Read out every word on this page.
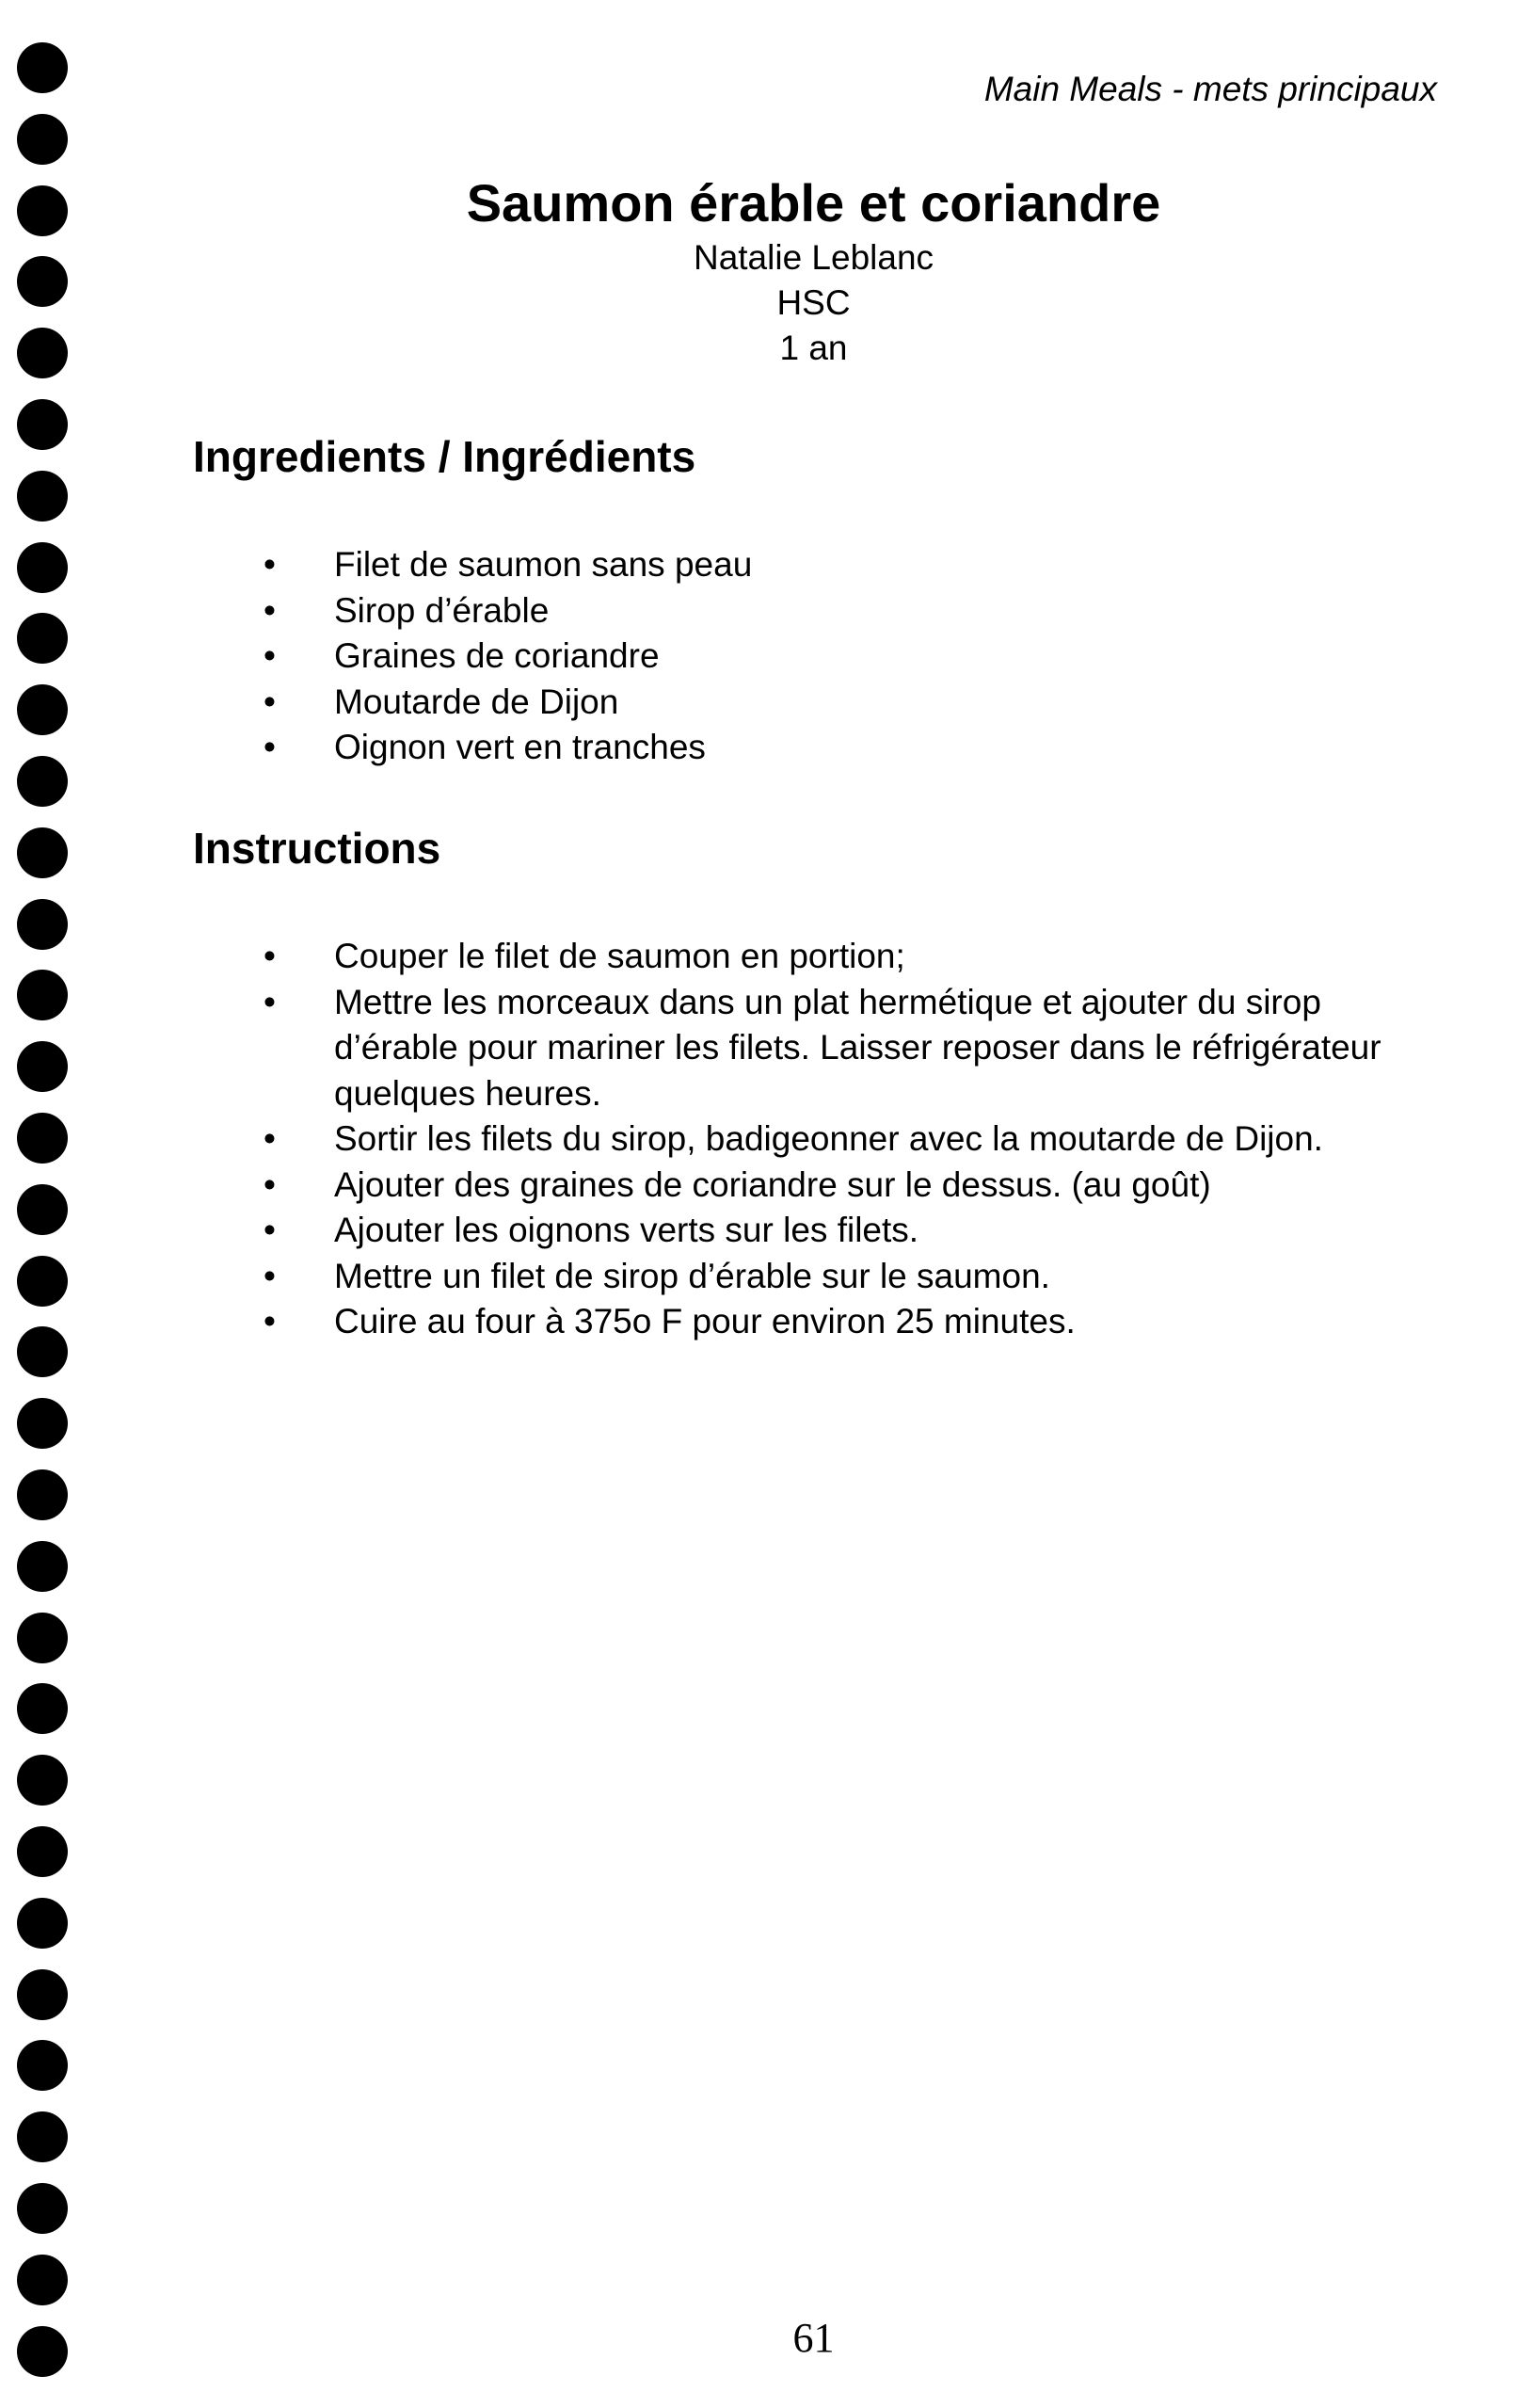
Main Meals - mets principaux
Saumon érable et coriandre
Natalie Leblanc
HSC
1 an
Ingredients / Ingrédients
• Filet de saumon sans peau
• Sirop d’érable
• Graines de coriandre
• Moutarde de Dijon
• Oignon vert en tranches
Instructions
• Couper le filet de saumon en portion;
• Mettre les morceaux dans un plat hermétique et ajouter du sirop d’érable pour mariner les filets. Laisser reposer dans le réfrigérateur quelques heures.
• Sortir les filets du sirop, badigeonner avec la moutarde de Dijon.
• Ajouter des graines de coriandre sur le dessus. (au goût)
• Ajouter les oignons verts sur les filets.
• Mettre un filet de sirop d’érable sur le saumon.
• Cuire au four à 375o F pour environ 25 minutes.
61
